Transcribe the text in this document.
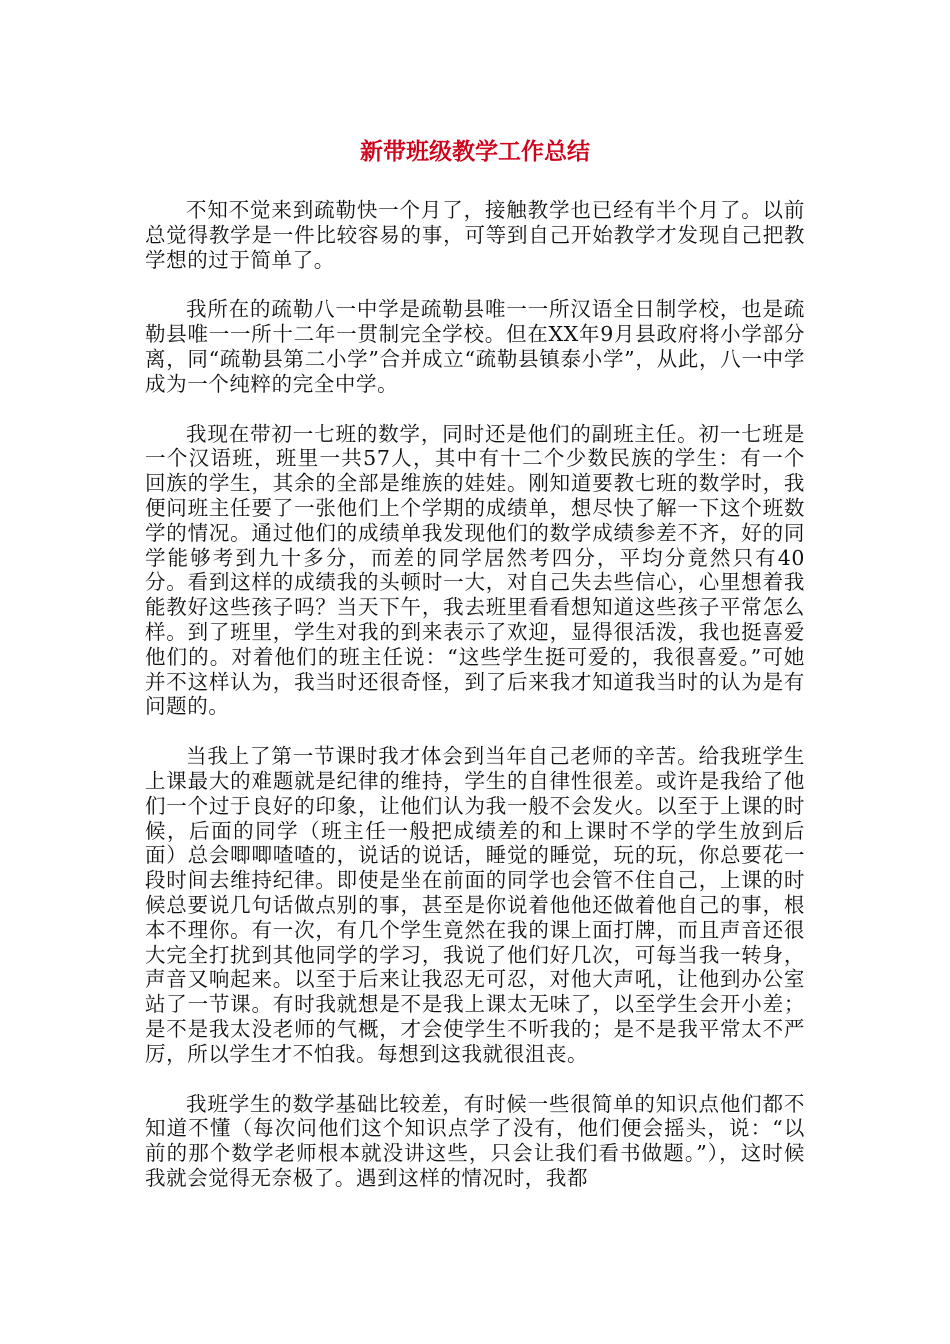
新带班级教学工作总结

不知不觉来到疏勒快一个月了，接触教学也已经有半个月了。以前总觉得教学是一件比较容易的事，可等到自己开始教学才发现自己把教学想的过于简单了。

我所在的疏勒八一中学是疏勒县唯一一所汉语全日制学校，也是疏勒县唯一一所十二年一贯制完全学校。但在XX年9月县政府将小学部分离，同“疏勒县第二小学”合并成立“疏勒县镇泰小学”，从此，八一中学成为一个纯粹的完全中学。

我现在带初一七班的数学，同时还是他们的副班主任。初一七班是一个汉语班，班里一共57人，其中有十二个少数民族的学生：有一个回族的学生，其余的全部是维族的娃娃。刚知道要教七班的数学时，我便问班主任要了一张他们上个学期的成绩单，想尽快了解一下这个班数学的情况。通过他们的成绩单我发现他们的数学成绩参差不齐，好的同学能够考到九十多分，而差的同学居然考四分，平均分竟然只有40分。看到这样的成绩我的头顿时一大，对自己失去些信心，心里想着我能教好这些孩子吗？当天下午，我去班里看看想知道这些孩子平常怎么样。到了班里，学生对我的到来表示了欢迎，显得很活泼，我也挺喜爱他们的。对着他们的班主任说：“这些学生挺可爱的，我很喜爱。”可她并不这样认为，我当时还很奇怪，到了后来我才知道我当时的认为是有问题的。

当我上了第一节课时我才体会到当年自己老师的辛苦。给我班学生上课最大的难题就是纪律的维持，学生的自律性很差。或许是我给了他们一个过于良好的印象，让他们认为我一般不会发火。以至于上课的时候，后面的同学（班主任一般把成绩差的和上课时不学的学生放到后面）总会唧唧喳喳的，说话的说话，睡觉的睡觉，玩的玩，你总要花一段时间去维持纪律。即使是坐在前面的同学也会管不住自己，上课的时候总要说几句话做点别的事，甚至是你说着他他还做着他自己的事，根本不理你。有一次，有几个学生竟然在我的课上面打牌，而且声音还很大完全打扰到其他同学的学习，我说了他们好几次，可每当我一转身，声音又响起来。以至于后来让我忍无可忍，对他大声吼，让他到办公室站了一节课。有时我就想是不是我上课太无味了，以至学生会开小差；是不是我太没老师的气概，才会使学生不听我的；是不是我平常太不严厉，所以学生才不怕我。每想到这我就很沮丧。

我班学生的数学基础比较差，有时候一些很简单的知识点他们都不知道不懂（每次问他们这个知识点学了没有，他们便会摇头，说：“以前的那个数学老师根本就没讲这些，只会让我们看书做题。”），这时候我就会觉得无奈极了。遇到这样的情况时，我都
